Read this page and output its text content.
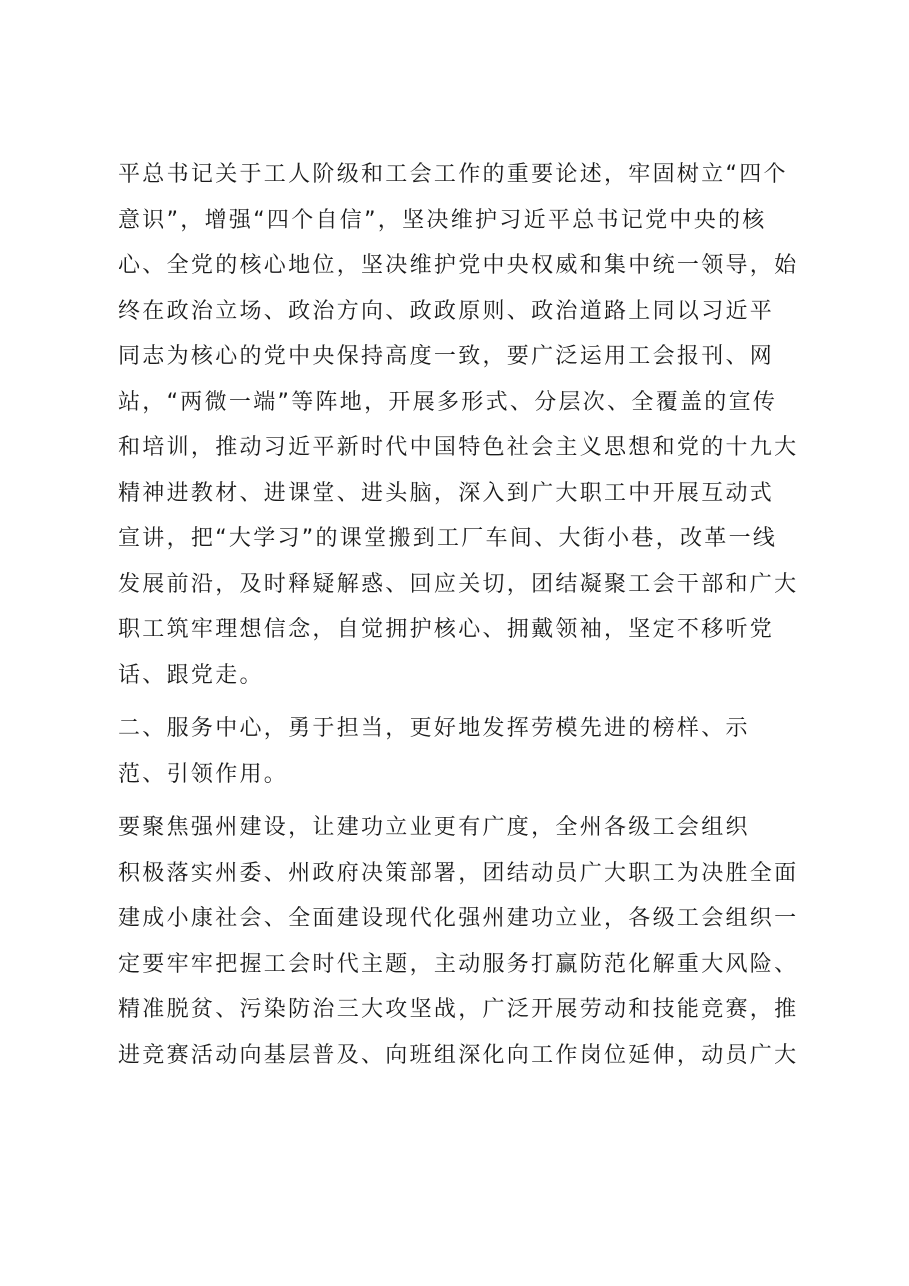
平总书记关于工人阶级和工会工作的重要论述，牢固树立“四个
意识”，增强“四个自信”，坚决维护习近平总书记党中央的核
心、全党的核心地位，坚决维护党中央权威和集中统一领导，始
终在政治立场、政治方向、政政原则、政治道路上同以习近平
同志为核心的党中央保持高度一致，要广泛运用工会报刊、网
站，“两微一端”等阵地，开展多形式、分层次、全覆盖的宣传
和培训，推动习近平新时代中国特色社会主义思想和党的十九大
精神进教材、进课堂、进头脑，深入到广大职工中开展互动式
宣讲，把“大学习”的课堂搬到工厂车间、大街小巷，改革一线
发展前沿，及时释疑解惑、回应关切，团结凝聚工会干部和广大
职工筑牢理想信念，自觉拥护核心、拥戴领袖，坚定不移听党
话、跟党走。
二、服务中心，勇于担当，更好地发挥劳模先进的榜样、示
范、引领作用。
要聚焦强州建设，让建功立业更有广度，全州各级工会组织
积极落实州委、州政府决策部署，团结动员广大职工为决胜全面
建成小康社会、全面建设现代化强州建功立业，各级工会组织一
定要牢牢把握工会时代主题，主动服务打赢防范化解重大风险、
精准脱贫、污染防治三大攻坚战，广泛开展劳动和技能竞赛，推
进竞赛活动向基层普及、向班组深化向工作岗位延伸，动员广大
